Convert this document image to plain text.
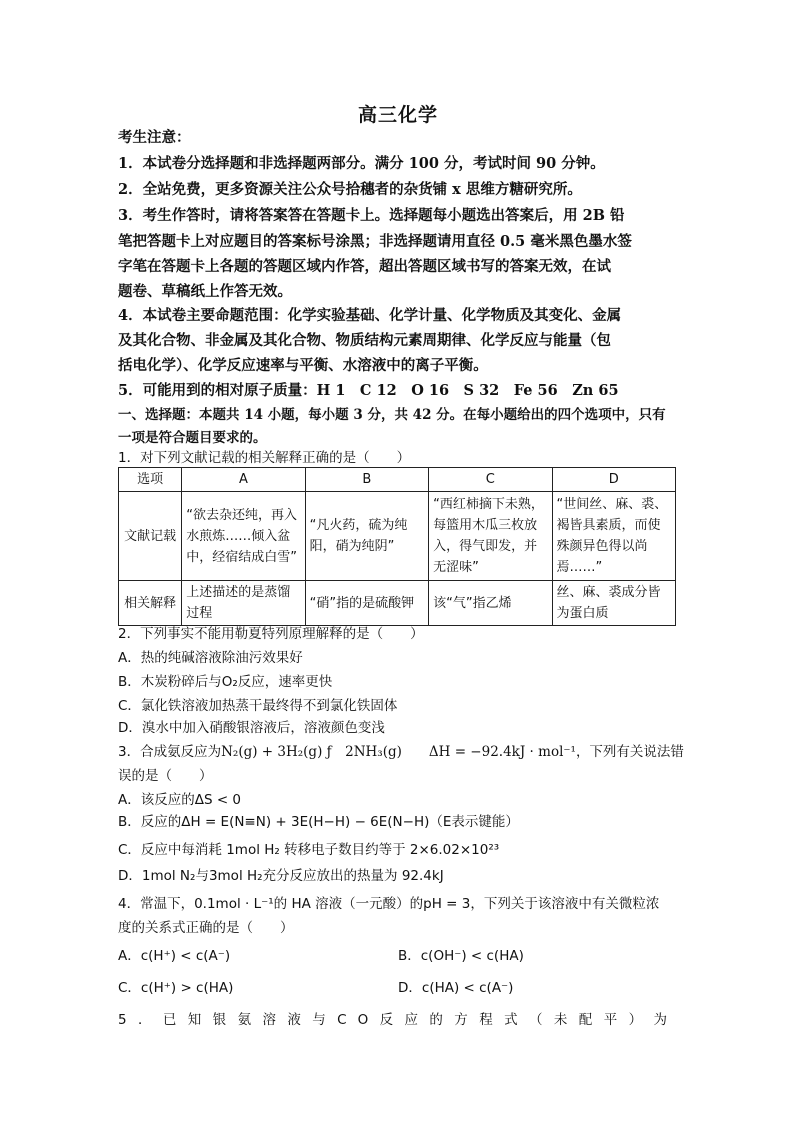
高三化学
考生注意：
1．本试卷分选择题和非选择题两部分。满分 100 分，考试时间 90 分钟。
2．全站免费，更多资源关注公众号拾穗者的杂货铺 x 思维方糖研究所。
3．考生作答时，请将答案答在答题卡上。选择题每小题选出答案后，用 2B 铅
笔把答题卡上对应题目的答案标号涂黑；非选择题请用直径 0.5 毫米黑色墨水签
字笔在答题卡上各题的答题区域内作答，超出答题区域书写的答案无效，在试
题卷、草稿纸上作答无效。
4．本试卷主要命题范围：化学实验基础、化学计量、化学物质及其变化、金属
及其化合物、非金属及其化合物、物质结构元素周期律、化学反应与能量（包
括电化学）、化学反应速率与平衡、水溶液中的离子平衡。
5．可能用到的相对原子质量：H 1　C 12　O 16　S 32　Fe 56　Zn 65
一、选择题：本题共 14 小题，每小题 3 分，共 42 分。在每小题给出的四个选项中，只有
一项是符合题目要求的。
1．对下列文献记载的相关解释正确的是（　　）
选项	A	B	C	D
文献记载	“欲去杂还纯，再入水煎炼……倾入盆中，经宿结成白雪”	“凡火药，硫为纯阳，硝为纯阴”	“西红柿摘下未熟，每篮用木瓜三枚放入，得气即发，并无涩味”	“世间丝、麻、裘、褐皆具素质，而使殊颜异色得以尚焉……”
相关解释	上述描述的是蒸馏过程	“硝”指的是硫酸钾	该“气”指乙烯	丝、麻、裘成分皆为蛋白质
2．下列事实不能用勒夏特列原理解释的是（　　）
A．热的纯碱溶液除油污效果好
B．木炭粉碎后与O₂反应，速率更快
C．氯化铁溶液加热蒸干最终得不到氯化铁固体
D．溴水中加入硝酸银溶液后，溶液颜色变浅
3．合成氨反应为N₂(g) + 3H₂(g) ƒ　2NH₃(g)　　ΔH = −92.4kJ · mol⁻¹，下列有关说法错
误的是（　　）
A．该反应的ΔS < 0
B．反应的ΔH = E(N≡N) + 3E(H−H) − 6E(N−H)（E表示键能）
C．反应中每消耗 1mol H₂ 转移电子数目约等于 2×6.02×10²³
D．1mol N₂与3mol H₂充分反应放出的热量为 92.4kJ
4．常温下，0.1mol · L⁻¹的 HA 溶液（一元酸）的pH = 3，下列关于该溶液中有关微粒浓
度的关系式正确的是（　　）
A．c(H⁺) < c(A⁻)	B．c(OH⁻) < c(HA)
C．c(H⁺) > c(HA)	D．c(HA) < c(A⁻)
5．已知银氨溶液与CO反应的方程式（未配平）为
